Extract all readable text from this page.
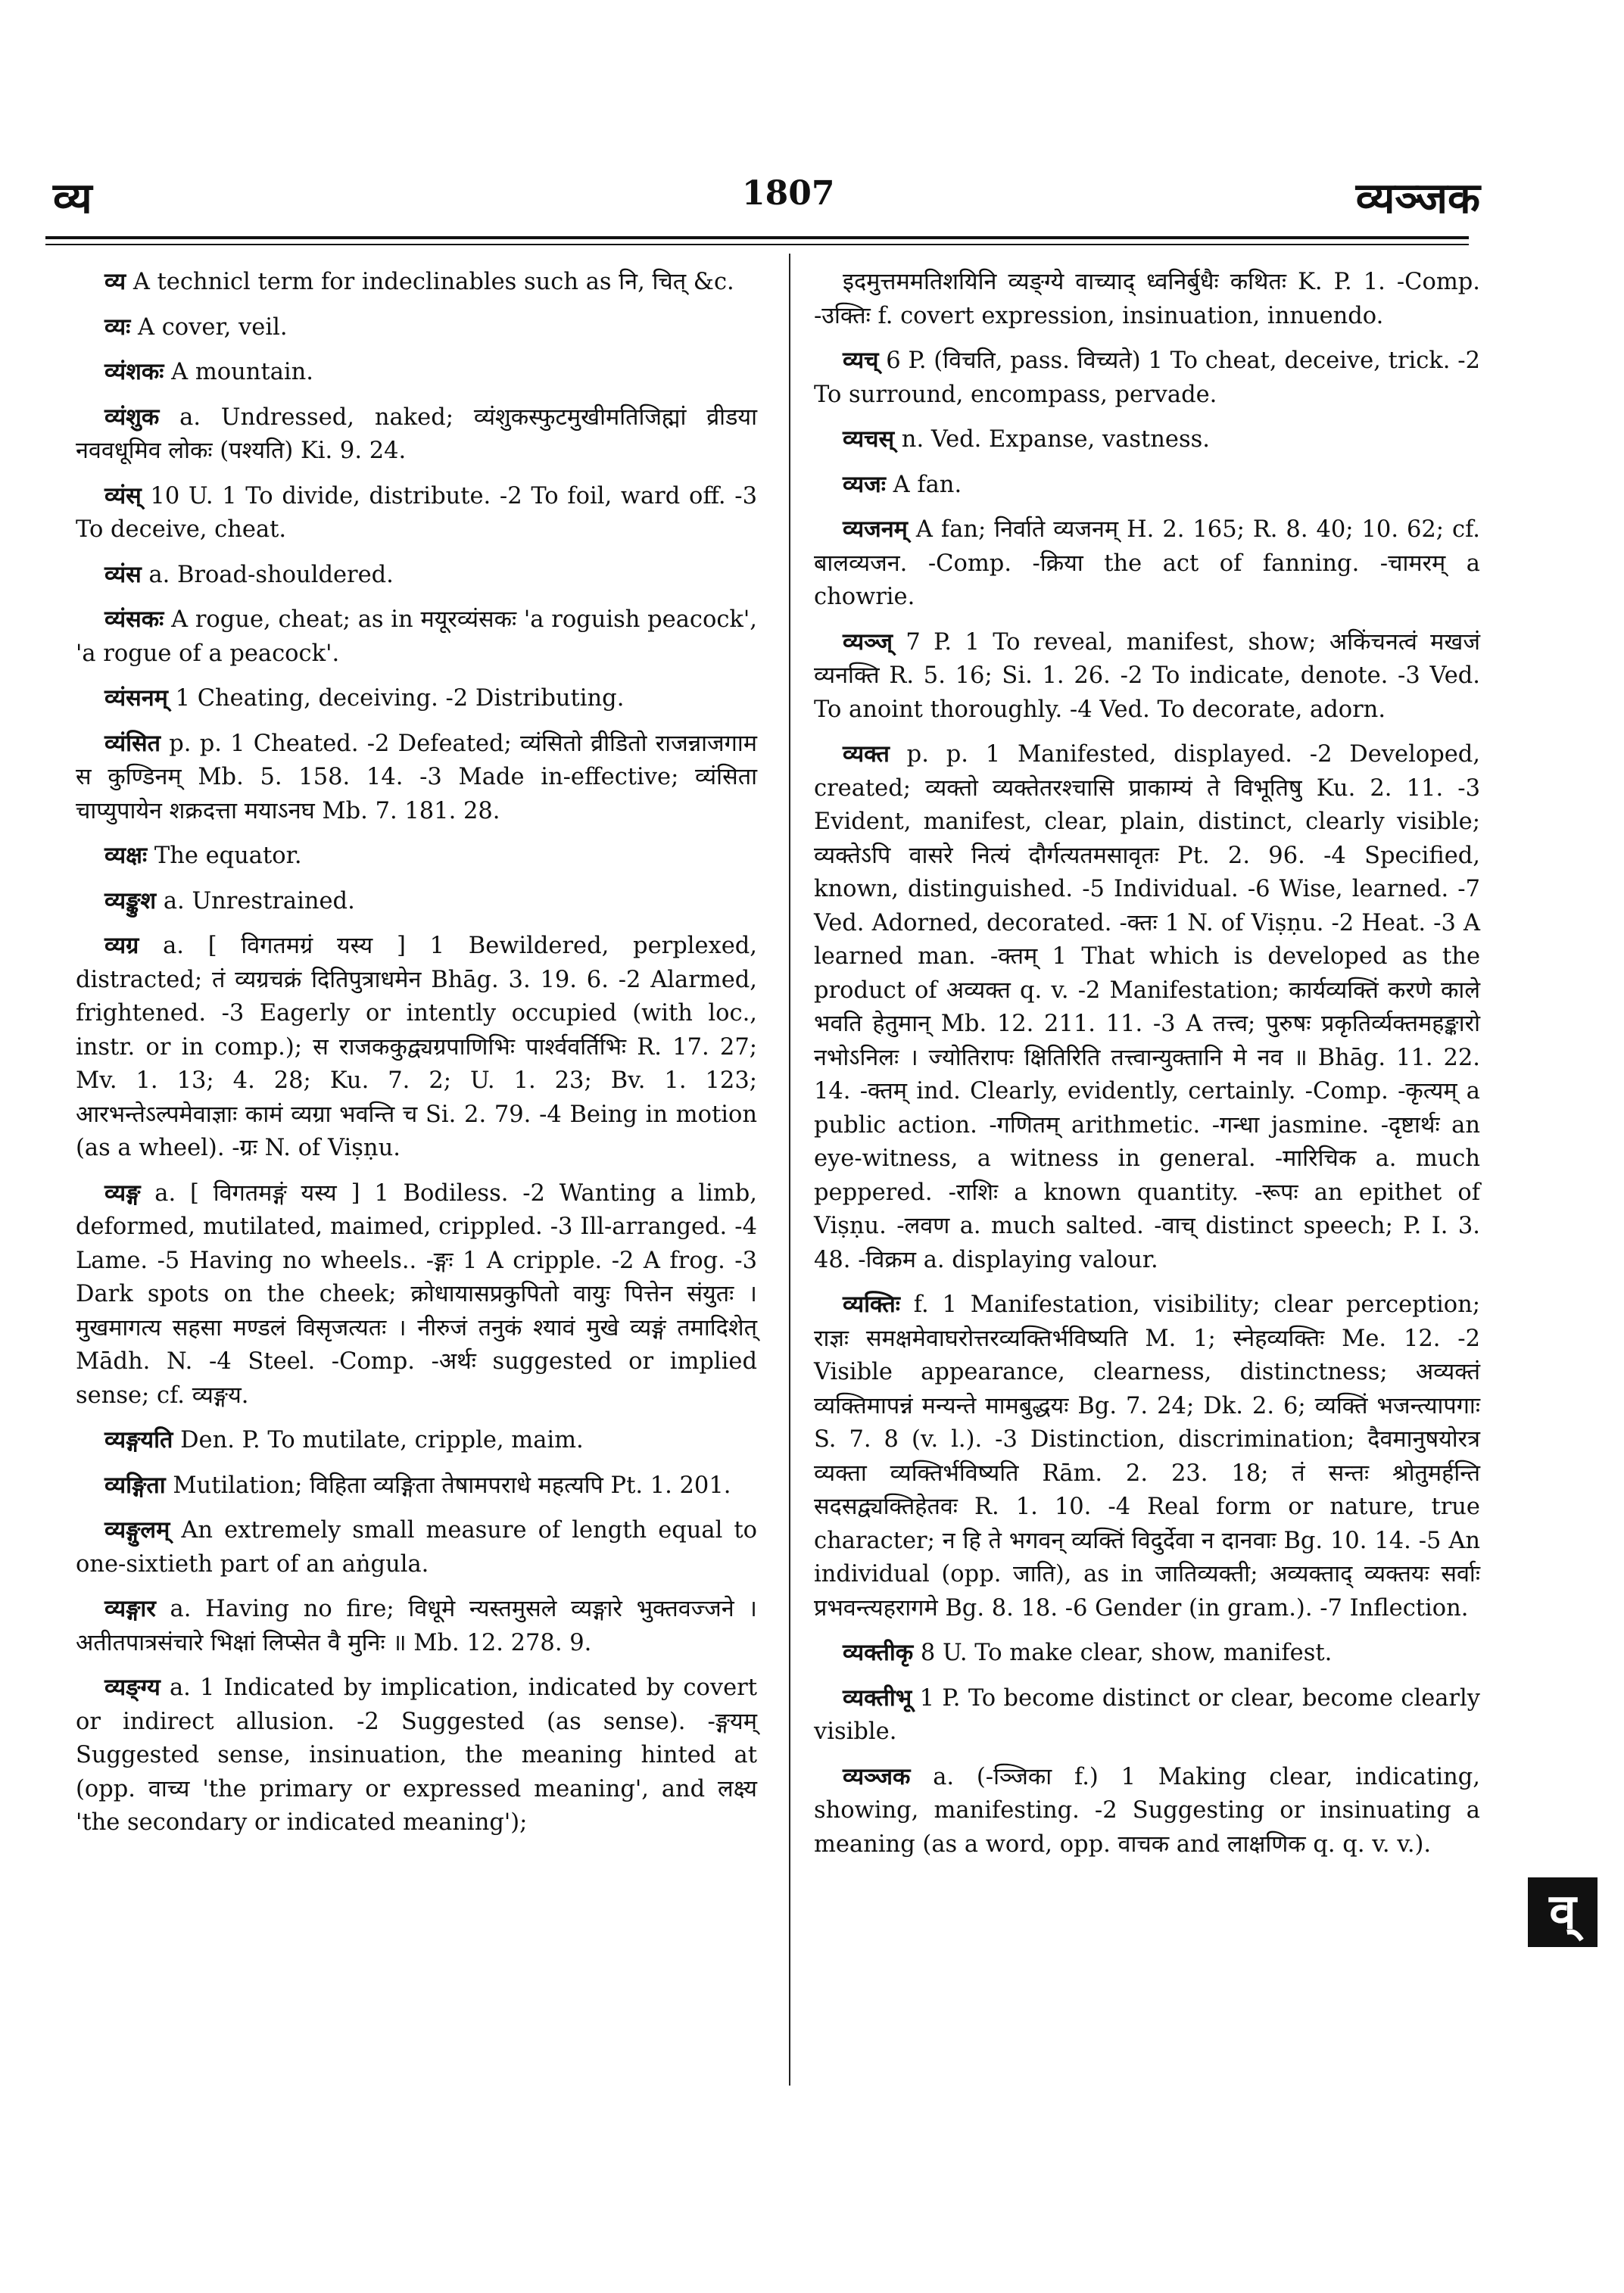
व्य	1807	व्यञ्जक

व्य A technicl term for indeclinables such as नि, चित् &c.

व्यः A cover, veil.

व्यंशकः A mountain.

व्यंशुक a. Undressed, naked; व्यंशुकस्फुटमुखीमतिजिह्मां व्रीडया नववधूमिव लोकः (पश्यति) Ki. 9. 24.

व्यंस् 10 U. 1 To divide, distribute. -2 To foil, ward off. -3 To deceive, cheat.

व्यंस a. Broad-shouldered.

व्यंसकः A rogue, cheat; as in मयूरव्यंसकः 'a roguish peacock', 'a rogue of a peacock'.

व्यंसनम् 1 Cheating, deceiving. -2 Distributing.

व्यंसित p. p. 1 Cheated. -2 Defeated; व्यंसितो व्रीडितो राजन्नाजगाम स कुण्डिनम् Mb. 5. 158. 14. -3 Made in-effective; व्यंसिता चाप्युपायेन शक्रदत्ता मयाऽनघ Mb. 7. 181. 28.

व्यक्षः The equator.

व्यङ्कुश a. Unrestrained.

व्यग्र a. [ विगतमग्रं यस्य ] 1 Bewildered, perplexed, distracted; तं व्यग्रचक्रं दितिपुत्राधमेन Bhāg. 3. 19. 6. -2 Alarmed, frightened. -3 Eagerly or intently occupied (with loc., instr. or in comp.); स राजककुद्व्यग्रपाणिभिः पार्श्ववर्तिभिः R. 17. 27; Mv. 1. 13; 4. 28; Ku. 7. 2; U. 1. 23; Bv. 1. 123; आरभन्तेऽल्पमेवाज्ञाः कामं व्यग्रा भवन्ति च Si. 2. 79. -4 Being in motion (as a wheel). -ग्रः N. of Viṣṇu.

व्यङ्ग a. [ विगतमङ्गं यस्य ] 1 Bodiless. -2 Wanting a limb, deformed, mutilated, maimed, crippled. -3 Ill-arranged. -4 Lame. -5 Having no wheels.. -ङ्गः 1 A cripple. -2 A frog. -3 Dark spots on the cheek; क्रोधायासप्रकुपितो वायुः पित्तेन संयुतः । मुखमागत्य सहसा मण्डलं विसृजत्यतः । नीरुजं तनुकं श्यावं मुखे व्यङ्गं तमादिशेत् Mādh. N. -4 Steel. -Comp. -अर्थः suggested or implied sense; cf. व्यङ्गय.

व्यङ्गयति Den. P. To mutilate, cripple, maim.

व्यङ्गिता Mutilation; विहिता व्यङ्गिता तेषामपराधे महत्यपि Pt. 1. 201.

व्यङ्गुलम् An extremely small measure of length equal to one-sixtieth part of an aṅgula.

व्यङ्गार a. Having no fire; विधूमे न्यस्तमुसले व्यङ्गारे भुक्तवज्जने । अतीतपात्रसंचारे भिक्षां लिप्सेत वै मुनिः ॥ Mb. 12. 278. 9.

व्यङ्ग्य a. 1 Indicated by implication, indicated by covert or indirect allusion. -2 Suggested (as sense). -ङ्गयम् Suggested sense, insinuation, the meaning hinted at (opp. वाच्य 'the primary or expressed meaning', and लक्ष्य 'the secondary or indicated meaning');

इदमुत्तममतिशयिनि व्यङ्ग्ये वाच्याद् ध्वनिर्बुधैः कथितः K. P. 1. -Comp. -उक्तिः f. covert expression, insinuation, innuendo.

व्यच् 6 P. (विचति, pass. विच्यते) 1 To cheat, deceive, trick. -2 To surround, encompass, pervade.

व्यचस् n. Ved. Expanse, vastness.

व्यजः A fan.

व्यजनम् A fan; निर्वाते व्यजनम् H. 2. 165; R. 8. 40; 10. 62; cf. बालव्यजन. -Comp. -क्रिया the act of fanning. -चामरम् a chowrie.

व्यञ्ज् 7 P. 1 To reveal, manifest, show; अकिंचनत्वं मखजं व्यनक्ति R. 5. 16; Si. 1. 26. -2 To indicate, denote. -3 Ved. To anoint thoroughly. -4 Ved. To decorate, adorn.

व्यक्त p. p. 1 Manifested, displayed. -2 Developed, created; व्यक्तो व्यक्तेतरश्चासि प्राकाम्यं ते विभूतिषु Ku. 2. 11. -3 Evident, manifest, clear, plain, distinct, clearly visible; व्यक्तेऽपि वासरे नित्यं दौर्गत्यतमसावृतः Pt. 2. 96. -4 Specified, known, distinguished. -5 Individual. -6 Wise, learned. -7 Ved. Adorned, decorated. -क्तः 1 N. of Viṣṇu. -2 Heat. -3 A learned man. -क्तम् 1 That which is developed as the product of अव्यक्त q. v. -2 Manifestation; कार्यव्यक्तिं करणे काले भवति हेतुमान् Mb. 12. 211. 11. -3 A तत्त्व; पुरुषः प्रकृतिर्व्यक्तमहङ्कारो नभोऽनिलः । ज्योतिरापः क्षितिरिति तत्त्वान्युक्तानि मे नव ॥ Bhāg. 11. 22. 14. -क्तम् ind. Clearly, evidently, certainly. -Comp. -कृत्यम् a public action. -गणितम् arithmetic. -गन्धा jasmine. -दृष्टार्थः an eye-witness, a witness in general. -मारिचिक a. much peppered. -राशिः a known quantity. -रूपः an epithet of Viṣṇu. -लवण a. much salted. -वाच् distinct speech; P. I. 3. 48. -विक्रम a. displaying valour.

व्यक्तिः f. 1 Manifestation, visibility; clear perception; राज्ञः समक्षमेवाघरोत्तरव्यक्तिर्भविष्यति M. 1; स्नेहव्यक्तिः Me. 12. -2 Visible appearance, clearness, distinctness; अव्यक्तं व्यक्तिमापन्नं मन्यन्ते मामबुद्धयः Bg. 7. 24; Dk. 2. 6; व्यक्तिं भजन्त्यापगाः S. 7. 8 (v. l.). -3 Distinction, discrimination; दैवमानुषयोरत्र व्यक्ता व्यक्तिर्भविष्यति Rām. 2. 23. 18; तं सन्तः श्रोतुमर्हन्ति सदसद्व्यक्तिहेतवः R. 1. 10. -4 Real form or nature, true character; न हि ते भगवन् व्यक्तिं विदुर्देवा न दानवाः Bg. 10. 14. -5 An individual (opp. जाति), as in जातिव्यक्ती; अव्यक्ताद् व्यक्तयः सर्वाः प्रभवन्त्यहरागमे Bg. 8. 18. -6 Gender (in gram.). -7 Inflection.

व्यक्तीकृ 8 U. To make clear, show, manifest.

व्यक्तीभू 1 P. To become distinct or clear, become clearly visible.

व्यञ्जक a. (-ञ्जिका f.) 1 Making clear, indicating, showing, manifesting. -2 Suggesting or insinuating a meaning (as a word, opp. वाचक and लाक्षणिक q. q. v. v.).

व्
